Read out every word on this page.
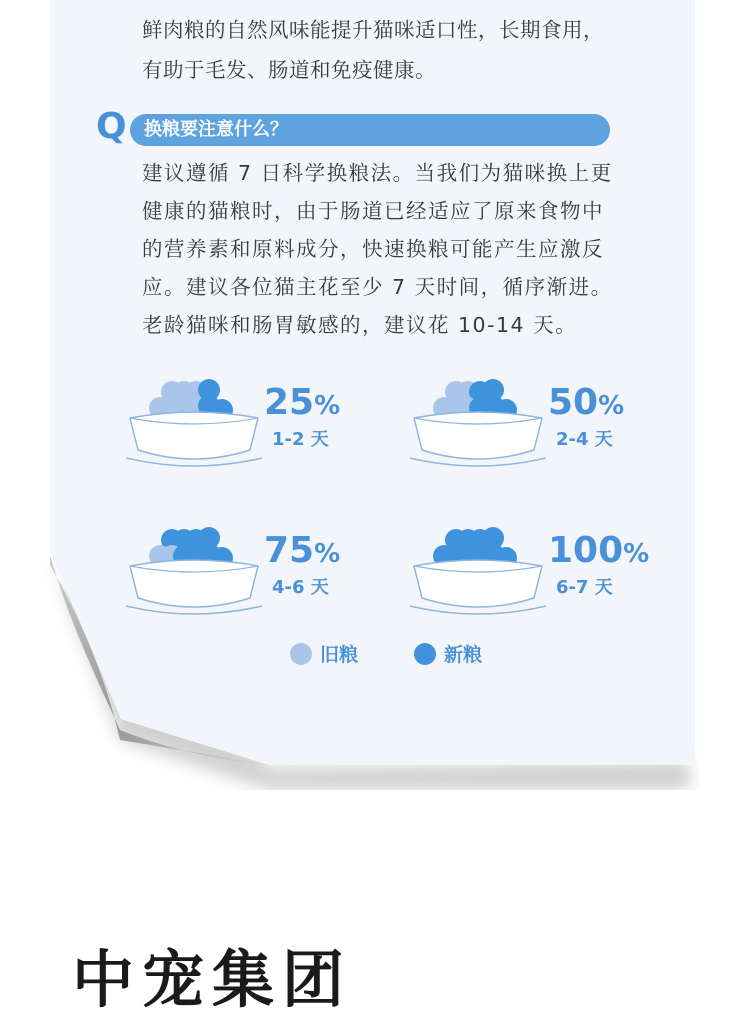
鲜肉粮的自然风味能提升猫咪适口性，长期食用，
有助于毛发、肠道和免疫健康。
Q 换粮要注意什么？
建议遵循 7 日科学换粮法。当我们为猫咪换上更
健康的猫粮时，由于肠道已经适应了原来食物中
的营养素和原料成分，快速换粮可能产生应激反
应。建议各位猫主花至少 7 天时间，循序渐进。
老龄猫咪和肠胃敏感的，建议花 10-14 天。
25%
1-2 天
50%
2-4 天
75%
4-6 天
100%
6-7 天
旧粮	新粮
中宠集团
